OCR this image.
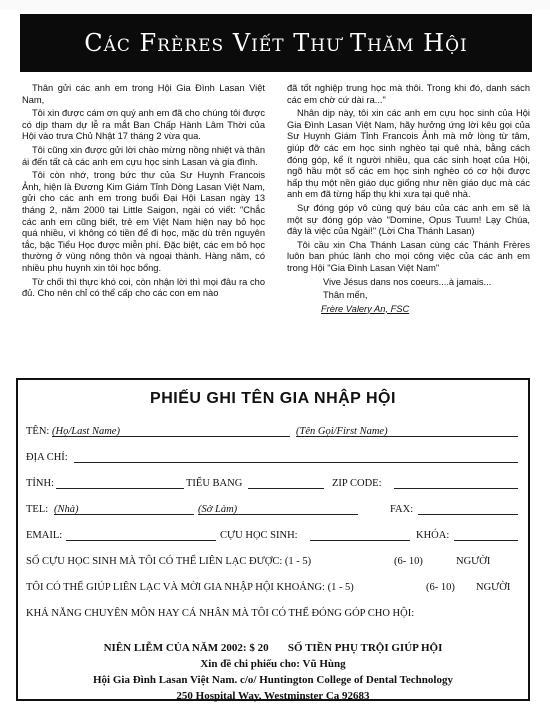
Các Frères Viết Thư Thăm Hội

Thân gửi các anh em trong Hội Gia Đình Lasan Việt Nam,

Tôi xin được cám ơn quý anh em đã cho chúng tôi được có dịp tham dự lễ ra mắt Ban Chấp Hành Lâm Thời của Hội vào trưa Chủ Nhật 17 tháng 2 vừa qua.

Tôi cũng xin được gửi lời chào mừng nồng nhiệt và thân ái đến tất cả các anh em cựu học sinh Lasan và gia đình.

Tôi còn nhớ, trong bức thư của Sư Huynh Francois Ảnh, hiện là Đương Kim Giám Tỉnh Dòng Lasan Việt Nam, gửi cho các anh em trong buổi Đại Hội Lasan ngày 13 tháng 2, năm 2000 tại Little Saigon, ngài có viết: "Chắc các anh em cũng biết, trẻ em Việt Nam hiện nay bỏ học quá nhiều, vì không có tiền để đi học, mặc dù trên nguyên tắc, bậc Tiểu Học được miễn phí. Đặc biệt, các em bỏ học thường ở vùng nông thôn và ngoại thành. Hàng năm, có nhiều phụ huynh xin tôi học bổng.

Từ chối thì thực khó coi, còn nhận lời thì mọi đâu ra cho đủ. Cho nên chỉ có thể cấp cho các con em nào

đã tốt nghiệp trung học mà thôi. Trong khi đó, danh sách các em chờ cứ dài ra..."

Nhân dịp này, tôi xin các anh em cựu học sinh của Hội Gia Đình Lasan Việt Nam, hãy hưởng ứng lời kêu gọi của Sư Huynh Giám Tỉnh Francois Ảnh mà mở lòng từ tâm, giúp đỡ các em học sinh nghèo tại quê nhà, bằng cách đóng góp, kể ít người nhiều, qua các sinh hoạt của Hội, ngõ hầu một số các em học sinh nghèo có cơ hội được hấp thụ một nền giáo dục giống như nền giáo dục mà các anh em đã từng hấp thụ khi xưa tại quê nhà.

Sự đóng góp vô cùng quý báu của các anh em sẽ là một sự đóng góp vào "Domine, Opus Tuum! Lạy Chúa, đây là việc của Ngài!" (Lời Cha Thánh Lasan)

Tôi cầu xin Cha Thánh Lasan cùng các Thánh Frères luôn ban phúc lành cho mọi công việc của các anh em trong Hội "Gia Đình Lasan Việt Nam"

Vive Jésus dans nos coeurs....à jamais...

Thân mến,

Frère Valery An, FSC

PHIẾU GHI TÊN GIA NHẬP HỘI
TÊN: (Họ/Last Name)	(Tên Gọi/First Name)
ĐỊA CHỈ:
TỈNH:	TIỂU BANG	ZIP CODE:
TEL: (Nhà)	(Sở Làm)	FAX:
EMAIL:	CỰU HỌC SINH:	KHÓA:
SỐ CỰU HỌC SINH MÀ TÔI CÓ THỂ LIÊN LẠC ĐƯỢC: (1 - 5)	(6- 10)	NGƯỜI
TÔI CÓ THỂ GIÚP LIÊN LẠC VÀ MỜI GIA NHẬP HỘI KHOẢNG: (1 - 5)	(6- 10) NGƯỜI
KHẢ NĂNG CHUYÊN MÔN HAY CÁ NHÂN MÀ TÔI CÓ THỂ ĐÓNG GÓP CHO HỘI:
NIÊN LIỄM CỦA NĂM 2002: $ 20 SỐ TIỀN PHỤ TRỘI GIÚP HỘI
Xin đề chi phiếu cho: Vũ Hùng
Hội Gia Đình Lasan Việt Nam. c/o/ Huntington College of Dental Technology
250 Hospital Way, Westminster Ca 92683
